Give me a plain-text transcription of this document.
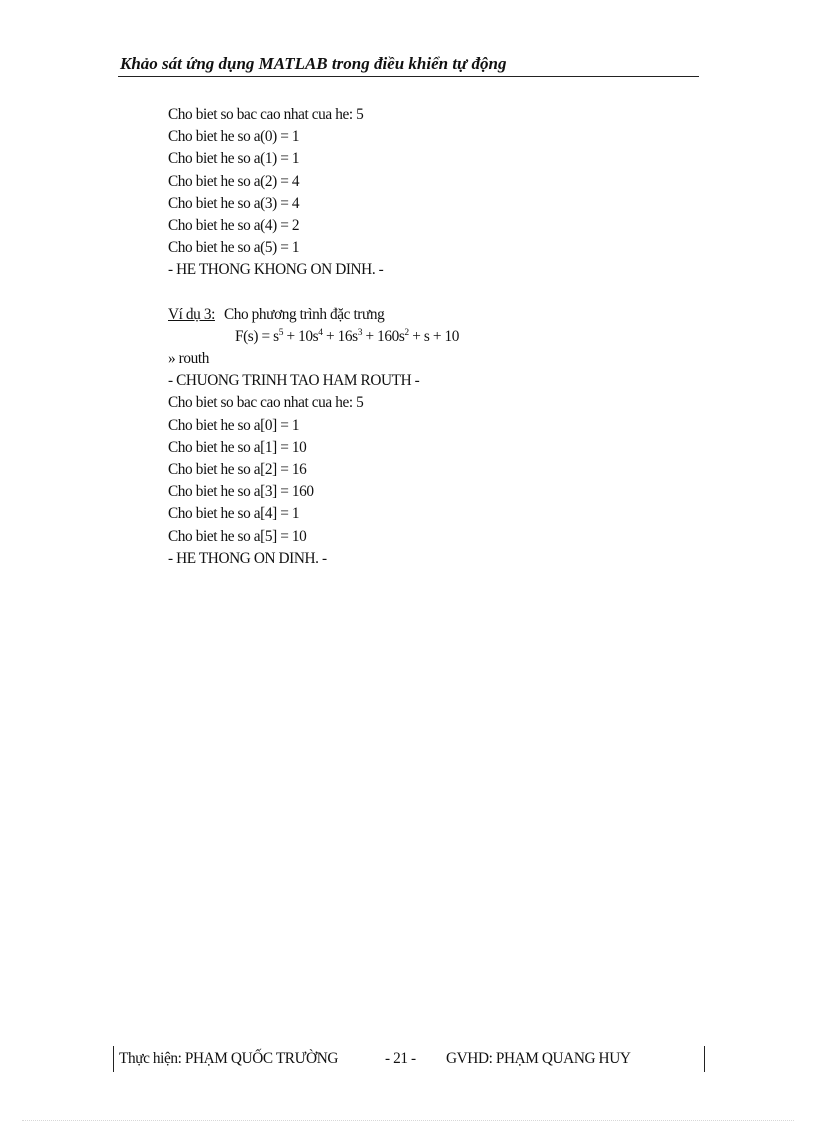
Khảo sát ứng dụng MATLAB trong điều khiển tự động
Cho biet so bac cao nhat cua he: 5
Cho biet he so a(0) = 1
Cho biet he so a(1) = 1
Cho biet he so a(2) = 4
Cho biet he so a(3) = 4
Cho biet he so a(4) = 2
Cho biet he so a(5) = 1
- HE THONG KHONG ON DINH. -
Ví dụ 3: Cho phương trình đặc trưng
$F(s) = s^5 + 10s^4 + 16s^3 + 160s^2 + s + 10$
» routh
- CHUONG TRINH TAO HAM ROUTH -
Cho biet so bac cao nhat cua he: 5
Cho biet he so a[0] = 1
Cho biet he so a[1] = 10
Cho biet he so a[2] = 16
Cho biet he so a[3] = 160
Cho biet he so a[4] = 1
Cho biet he so a[5] = 10
- HE THONG ON DINH. -
Thực hiện: PHẠM QUỐC TRƯỜNG	- 21 - GVHD: PHẠM QUANG HUY
